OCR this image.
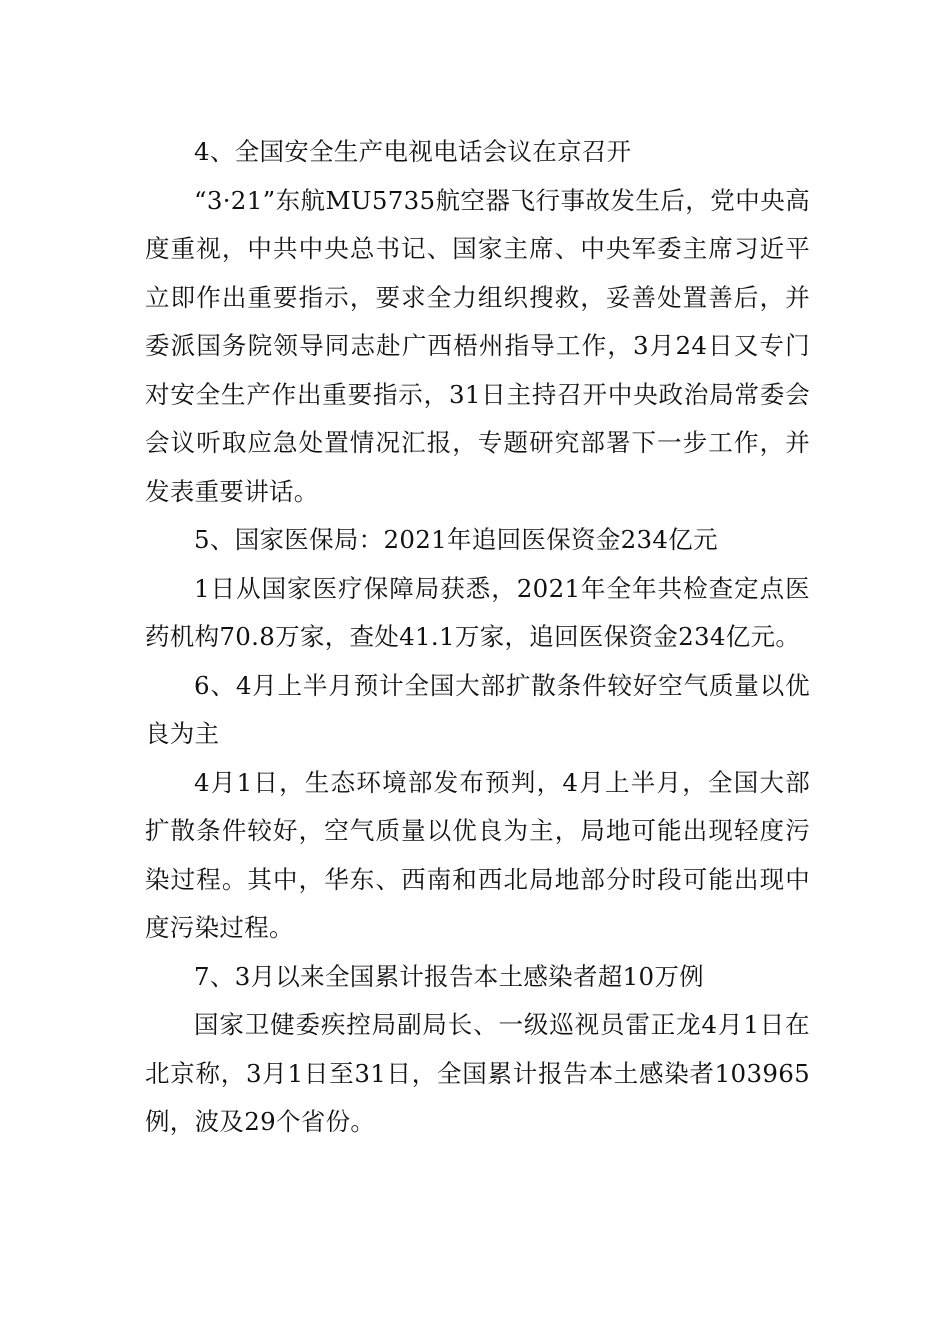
4、全国安全生产电视电话会议在京召开

“3·21”东航MU5735航空器飞行事故发生后，党中央高度重视，中共中央总书记、国家主席、中央军委主席习近平立即作出重要指示，要求全力组织搜救，妥善处置善后，并委派国务院领导同志赴广西梧州指导工作，3月24日又专门对安全生产作出重要指示，31日主持召开中央政治局常委会会议听取应急处置情况汇报，专题研究部署下一步工作，并发表重要讲话。

5、国家医保局：2021年追回医保资金234亿元

1日从国家医疗保障局获悉，2021年全年共检查定点医药机构70.8万家，查处41.1万家，追回医保资金234亿元。

6、4月上半月预计全国大部扩散条件较好空气质量以优良为主

4月1日，生态环境部发布预判，4月上半月，全国大部扩散条件较好，空气质量以优良为主，局地可能出现轻度污染过程。其中，华东、西南和西北局地部分时段可能出现中度污染过程。

7、3月以来全国累计报告本土感染者超10万例

国家卫健委疾控局副局长、一级巡视员雷正龙4月1日在北京称，3月1日至31日，全国累计报告本土感染者103965例，波及29个省份。
